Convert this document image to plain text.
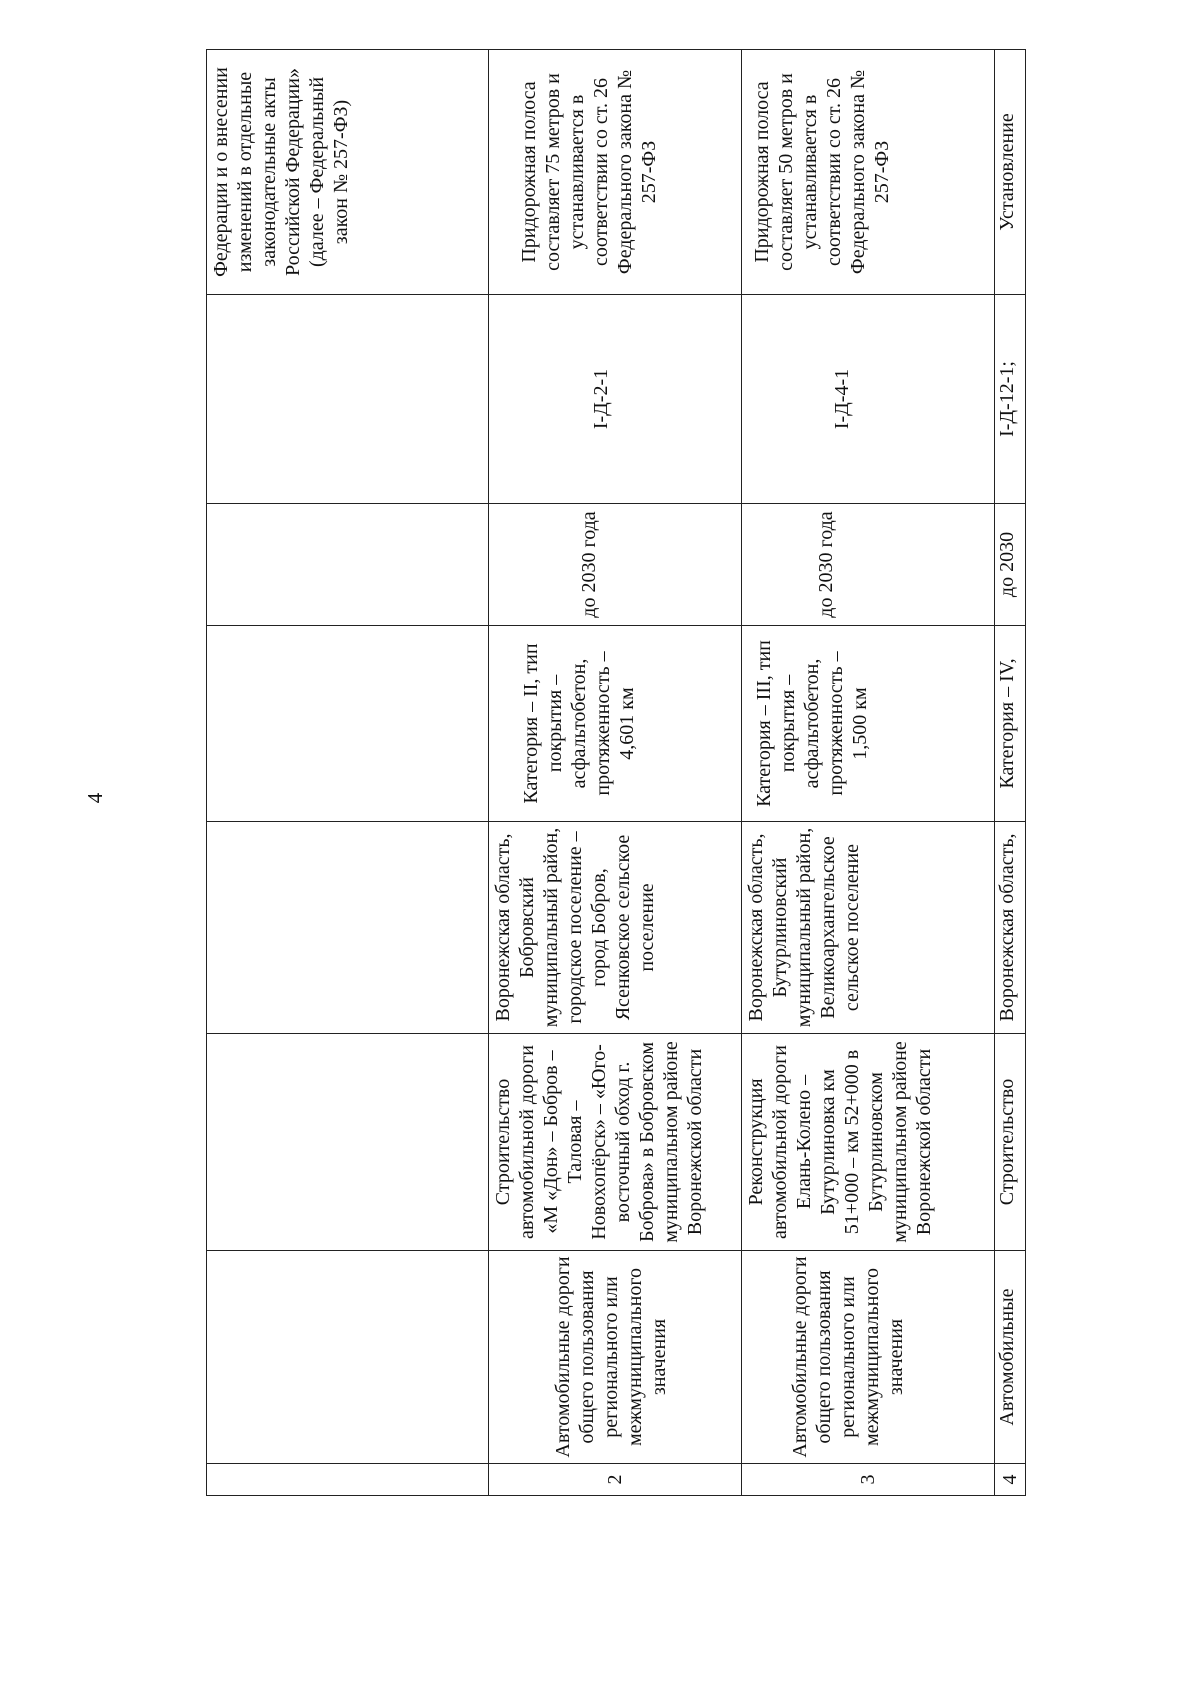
4
							Федерации и о внесении изменений в отдельные законодательные акты Российской Федерации» (далее – Федеральный закон № 257-ФЗ)
2	Автомобильные дороги общего пользования регионального или межмуниципального значения	Строительство автомобильной дороги «М «Дон» – Бобров – Таловая – Новохопёрск» – «Юго-восточный обход г. Боброва» в Бобровском муниципальном районе Воронежской области	Воронежская область, Бобровский муниципальный район, городское поселение – город Бобров, Ясенковское сельское поселение	Категория – II, тип покрытия – асфальтобетон, протяженность – 4,601 км	до 2030 года	I-Д-2-1	Придорожная полоса составляет 75 метров и устанавливается в соответствии со ст. 26 Федерального закона № 257-ФЗ

3	Автомобильные дороги общего пользования регионального или межмуниципального значения	Реконструкция автомобильной дороги Елань-Колено – Бутурлиновка км 51+000 – км 52+000 в Бутурлиновском муниципальном районе Воронежской области	Воронежская область, Бутурлиновский муниципальный район, Великоархангельское сельское поселение	Категория – III, тип покрытия – асфальтобетон, протяженность – 1,500 км	до 2030 года	I-Д-4-1	Придорожная полоса составляет 50 метров и устанавливается в соответствии со ст. 26 Федерального закона № 257-ФЗ

4	Автомобильные	Строительство	Воронежская область,	Категория – IV,	до 2030	I-Д-12-1;	Установление
